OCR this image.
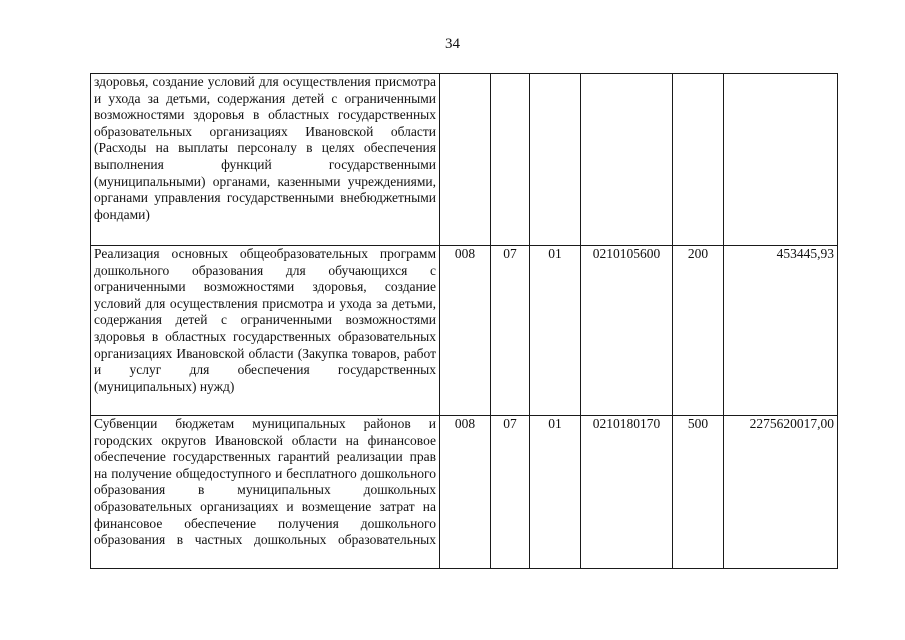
34
здоровья, создание условий для осуществления присмотра и ухода за детьми, содержания детей с ограниченными возможностями здоровья в областных государственных образовательных организациях Ивановской области (Расходы на выплаты персоналу в целях обеспечения выполнения функций государственными (муниципальными) органами, казенными учреждениями, органами управления государственными внебюджетными фондами)						
Реализация основных общеобразовательных программ дошкольного образования для обучающихся с ограниченными возможностями здоровья, создание условий для осуществления присмотра и ухода за детьми, содержания детей с ограниченными возможностями здоровья в областных государственных образовательных организациях Ивановской области (Закупка товаров, работ и услуг для обеспечения государственных (муниципальных) нужд)	008	07	01	0210105600	200	453445,93
Субвенции бюджетам муниципальных районов и городских округов Ивановской области на финансовое обеспечение государственных гарантий реализации прав на получение общедоступного и бесплатного дошкольного образования в муниципальных дошкольных образовательных организациях и возмещение затрат на финансовое обеспечение получения дошкольного образования в частных дошкольных образовательных	008	07	01	0210180170	500	2275620017,00
